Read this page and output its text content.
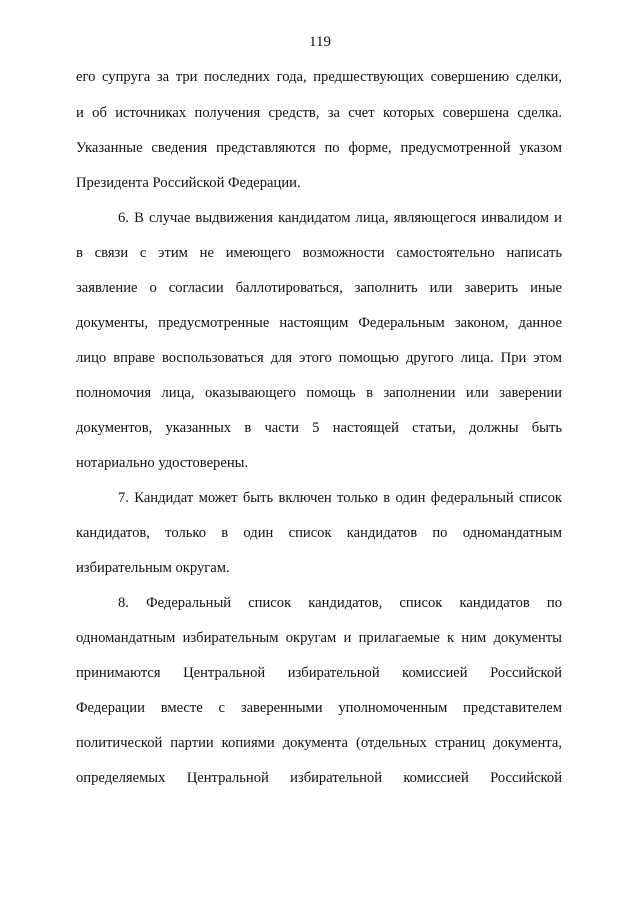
119
его супруга за три последних года, предшествующих совершению сделки,
и об источниках получения средств, за счет которых совершена сделка.
Указанные сведения представляются по форме, предусмотренной указом
Президента Российской Федерации.
6. В случае выдвижения кандидатом лица, являющегося инвалидом и
в связи с этим не имеющего возможности самостоятельно написать
заявление о согласии баллотироваться, заполнить или заверить иные
документы, предусмотренные настоящим Федеральным законом, данное
лицо вправе воспользоваться для этого помощью другого лица. При этом
полномочия лица, оказывающего помощь в заполнении или заверении
документов, указанных в части 5 настоящей статьи, должны быть
нотариально удостоверены.
7. Кандидат может быть включен только в один федеральный список
кандидатов, только в один список кандидатов по одномандатным
избирательным округам.
8. Федеральный список кандидатов, список кандидатов по
одномандатным избирательным округам и прилагаемые к ним документы
принимаются Центральной избирательной комиссией Российской
Федерации вместе с заверенными уполномоченным представителем
политической партии копиями документа (отдельных страниц документа,
определяемых Центральной избирательной комиссией Российской
